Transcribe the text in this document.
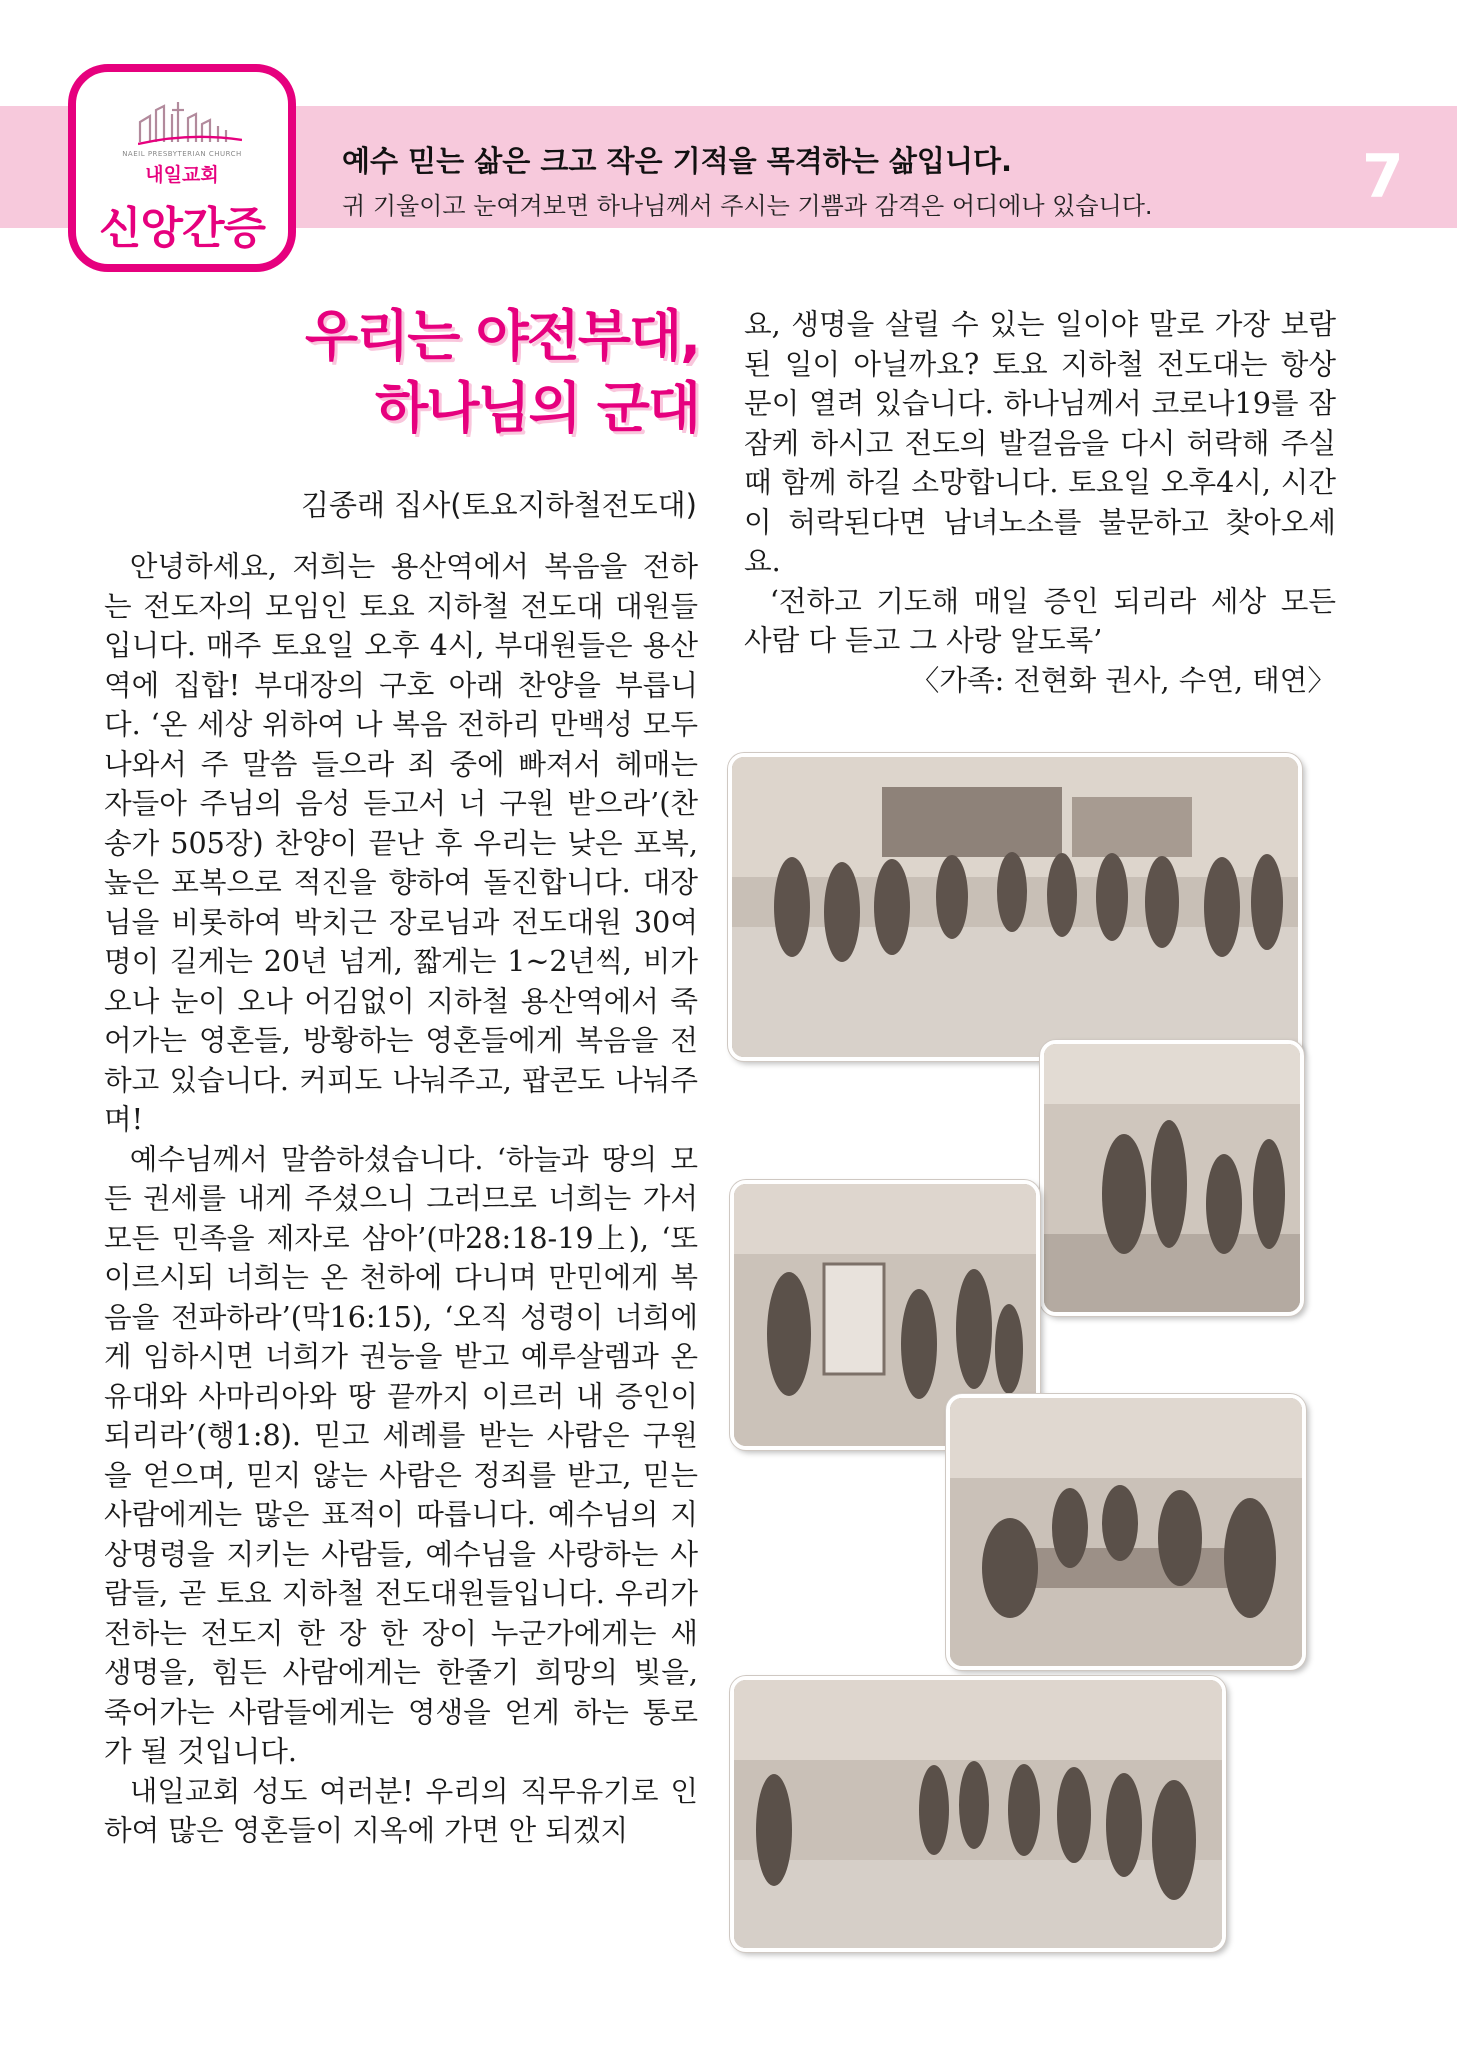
NAEIL PRESBYTERIAN CHURCH
내일교회
신앙간증
예수 믿는 삶은 크고 작은 기적을 목격하는 삶입니다.
귀 기울이고 눈여겨보면 하나님께서 주시는 기쁨과 감격은 어디에나 있습니다.	7
우리는 야전부대,
하나님의 군대
김종래 집사(토요지하철전도대)

안녕하세요, 저희는 용산역에서 복음을 전하는 전도자의 모임인 토요 지하철 전도대 대원들입니다. 매주 토요일 오후 4시, 부대원들은 용산역에 집합! 부대장의 구호 아래 찬양을 부릅니다. ‘온 세상 위하여 나 복음 전하리 만백성 모두 나와서 주 말씀 들으라 죄 중에 빠져서 헤매는 자들아 주님의 음성 듣고서 너 구원 받으라’(찬송가 505장) 찬양이 끝난 후 우리는 낮은 포복, 높은 포복으로 적진을 향하여 돌진합니다. 대장님을 비롯하여 박치근 장로님과 전도대원 30여명이 길게는 20년 넘게, 짧게는 1~2년씩, 비가 오나 눈이 오나 어김없이 지하철 용산역에서 죽어가는 영혼들, 방황하는 영혼들에게 복음을 전하고 있습니다. 커피도 나눠주고, 팝콘도 나눠주며!

예수님께서 말씀하셨습니다. ‘하늘과 땅의 모든 권세를 내게 주셨으니 그러므로 너희는 가서 모든 민족을 제자로 삼아’(마28:18-19上), ‘또 이르시되 너희는 온 천하에 다니며 만민에게 복음을 전파하라’(막16:15), ‘오직 성령이 너희에게 임하시면 너희가 권능을 받고 예루살렘과 온 유대와 사마리아와 땅 끝까지 이르러 내 증인이 되리라’(행1:8). 믿고 세례를 받는 사람은 구원을 얻으며, 믿지 않는 사람은 정죄를 받고, 믿는 사람에게는 많은 표적이 따릅니다. 예수님의 지상명령을 지키는 사람들, 예수님을 사랑하는 사람들, 곧 토요 지하철 전도대원들입니다. 우리가 전하는 전도지 한 장 한 장이 누군가에게는 새 생명을, 힘든 사람에게는 한줄기 희망의 빛을, 죽어가는 사람들에게는 영생을 얻게 하는 통로가 될 것입니다.

내일교회 성도 여러분! 우리의 직무유기로 인하여 많은 영혼들이 지옥에 가면 안 되겠지

요, 생명을 살릴 수 있는 일이야 말로 가장 보람된 일이 아닐까요? 토요 지하철 전도대는 항상 문이 열려 있습니다. 하나님께서 코로나19를 잠잠케 하시고 전도의 발걸음을 다시 허락해 주실 때 함께 하길 소망합니다. 토요일 오후4시, 시간이 허락된다면 남녀노소를 불문하고 찾아오세요.

‘전하고 기도해 매일 증인 되리라 세상 모든 사람 다 듣고 그 사랑 알도록’

〈가족: 전현화 권사, 수연, 태연〉
